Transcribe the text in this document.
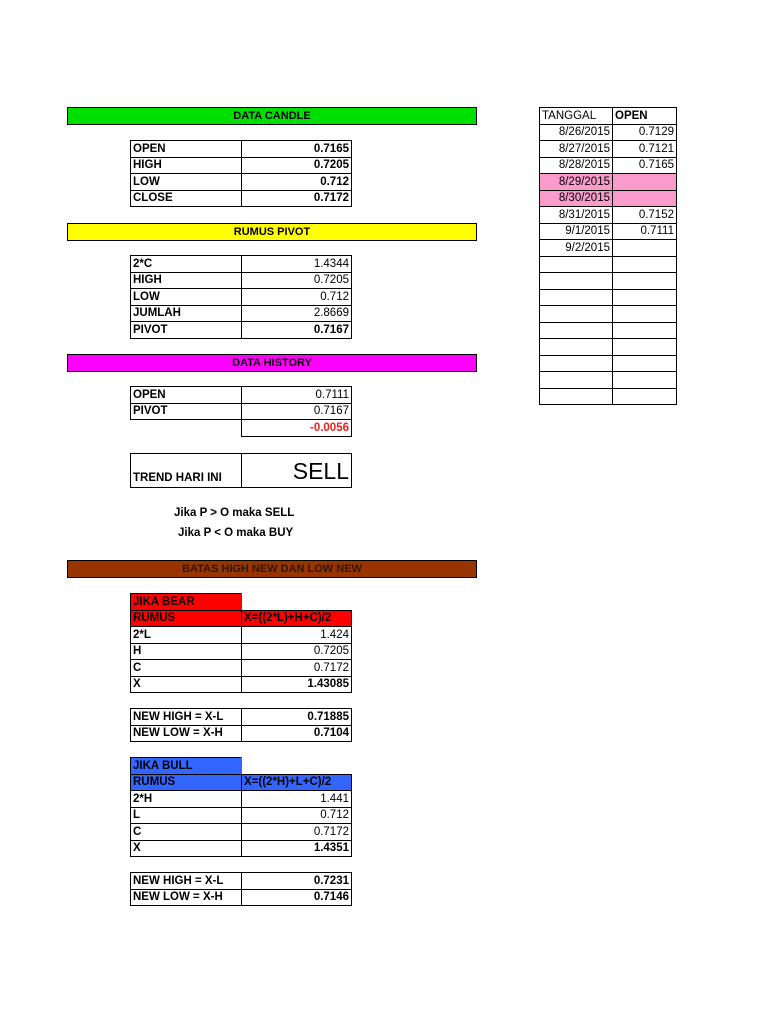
DATA CANDLE
OPEN	0.7165
HIGH	0.7205
LOW	0.712
CLOSE	0.7172
RUMUS PIVOT
2*C	1.4344
HIGH	0.7205
LOW	0.712
JUMLAH	2.8669
PIVOT	0.7167
DATA HISTORY
OPEN	0.7111
PIVOT	0.7167
	-0.0056
TREND HARI INI	SELL
Jika P > O maka SELL
Jika P < O maka BUY
BATAS HIGH NEW DAN LOW NEW
JIKA BEAR	
RUMUS	X=((2*L)+H+C)/2
2*L	1.424
H	0.7205
C	0.7172
X	1.43085
NEW HIGH = X-L	0.71885
NEW LOW = X-H	0.7104
JIKA BULL	
RUMUS	X=((2*H)+L+C)/2
2*H	1.441
L	0.712
C	0.7172
X	1.4351
NEW HIGH = X-L	0.7231
NEW LOW = X-H	0.7146
TANGGAL	OPEN
8/26/2015	0.7129
8/27/2015	0.7121
8/28/2015	0.7165
8/29/2015	
8/30/2015	
8/31/2015	0.7152
9/1/2015	0.7111
9/2/2015	
